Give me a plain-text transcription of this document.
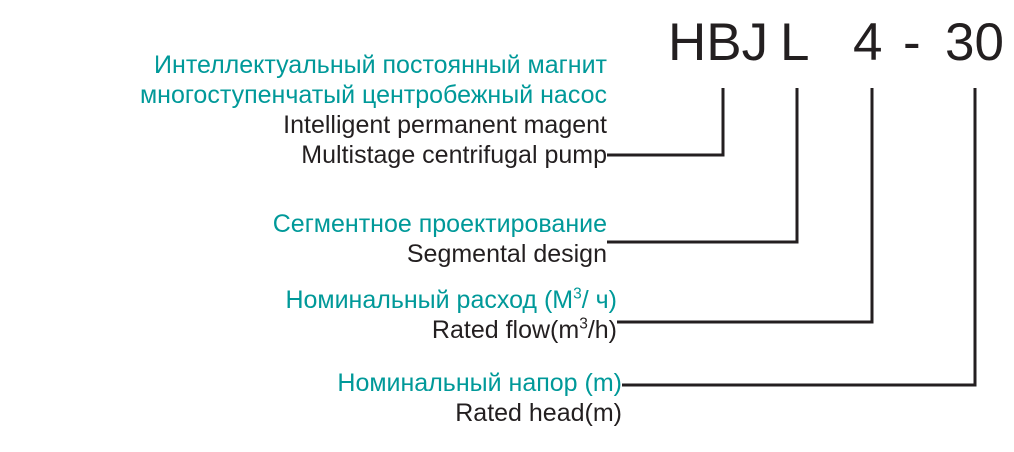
HBJ L 4 - 30
Интеллектуальный постоянный магнит
многоступенчатый центробежный насос
Intelligent permanent magent
Multistage centrifugal pump
Сегментное проектирование
Segmental design
Номинальный расход ($М^3/$ ч)
Rated $flow(m^3/h)$
Номинальный напор (m)
Rated head(m)
